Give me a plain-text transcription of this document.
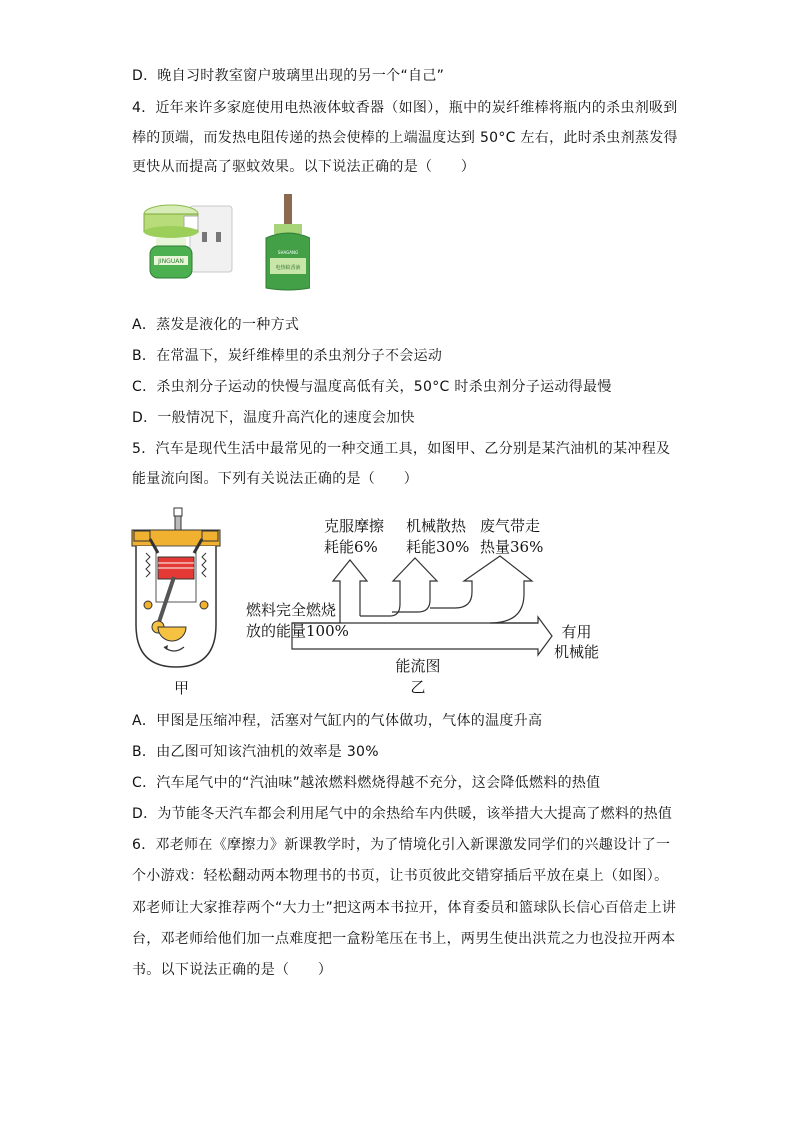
D．晚自习时教室窗户玻璃里出现的另一个“自己”
4．近年来许多家庭使用电热液体蚊香器（如图），瓶中的炭纤维棒将瓶内的杀虫剂吸到
棒的顶端，而发热电阻传递的热会使棒的上端温度达到 50°C 左右，此时杀虫剂蒸发得
更快从而提高了驱蚊效果。以下说法正确的是（　　）
JINGUAN
SHAGANG
电热蚊香液
A．蒸发是液化的一种方式
B．在常温下，炭纤维棒里的杀虫剂分子不会运动
C．杀虫剂分子运动的快慢与温度高低有关，50°C 时杀虫剂分子运动得最慢
D．一般情况下，温度升高汽化的速度会加快
5．汽车是现代生活中最常见的一种交通工具，如图甲、乙分别是某汽油机的某冲程及
能量流向图。下列有关说法正确的是（　　）
甲
克服摩擦
耗能6%
机械散热
耗能30%
废气带走
热量36%
燃料完全燃烧
放的能量100%	有用
机械能
能流图
乙
A．甲图是压缩冲程，活塞对气缸内的气体做功，气体的温度升高
B．由乙图可知该汽油机的效率是 30%
C．汽车尾气中的“汽油味”越浓燃料燃烧得越不充分，这会降低燃料的热值
D．为节能冬天汽车都会利用尾气中的余热给车内供暖，该举措大大提高了燃料的热值
6．邓老师在《摩擦力》新课教学时，为了情境化引入新课激发同学们的兴趣设计了一
个小游戏：轻松翻动两本物理书的书页，让书页彼此交错穿插后平放在桌上（如图）。
邓老师让大家推荐两个“大力士”把这两本书拉开，体育委员和篮球队长信心百倍走上讲
台，邓老师给他们加一点难度把一盒粉笔压在书上，两男生使出洪荒之力也没拉开两本
书。以下说法正确的是（　　）
